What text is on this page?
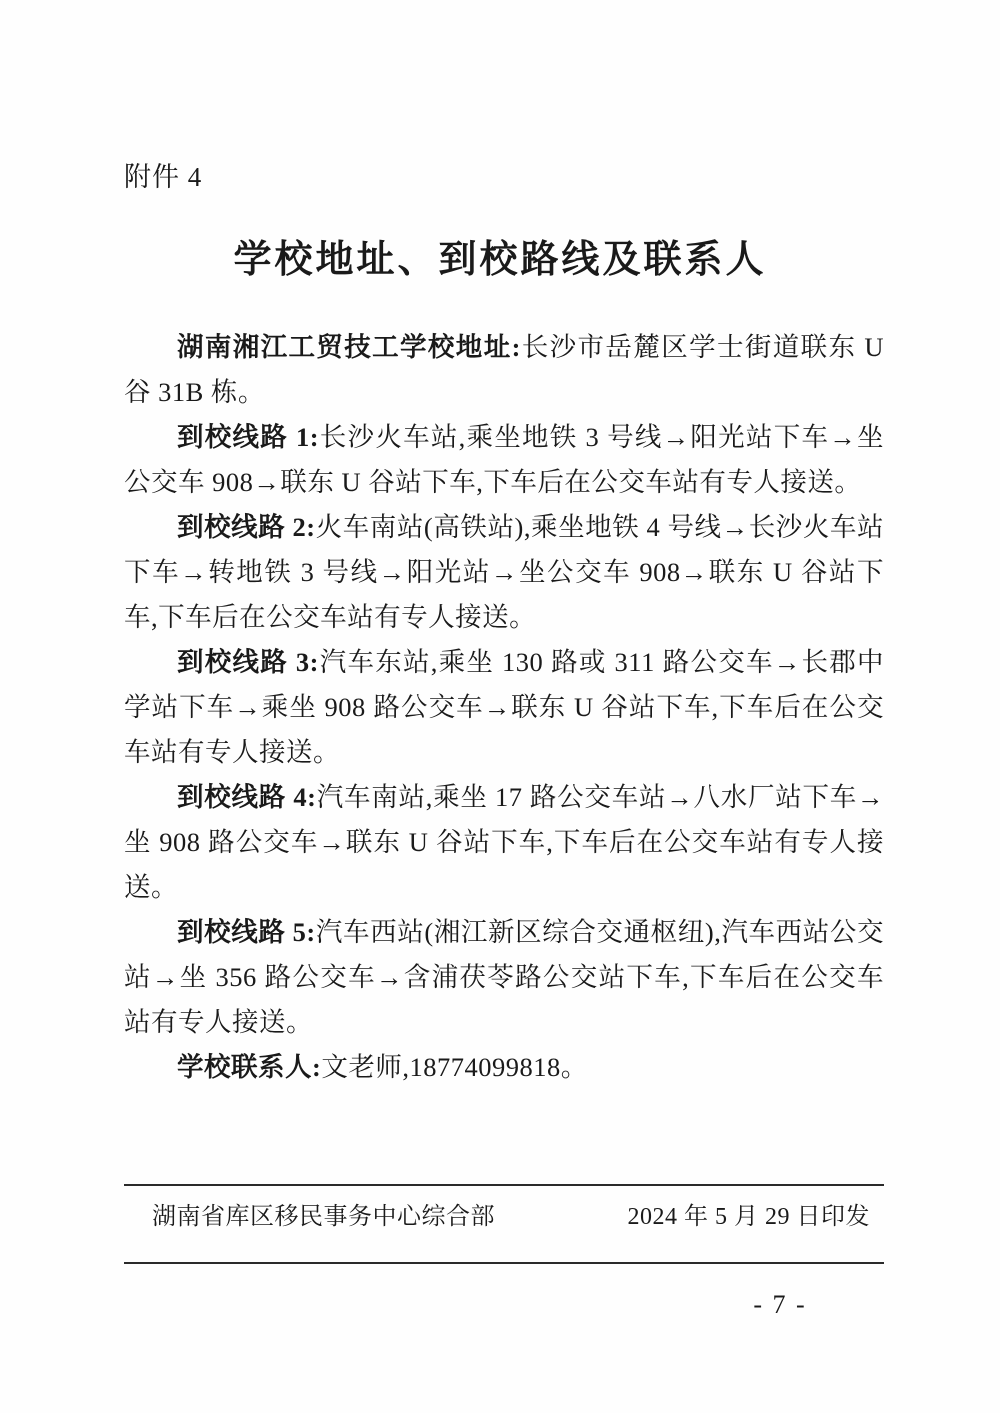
附件 4
学校地址、到校路线及联系人

湖南湘江工贸技工学校地址:长沙市岳麓区学士街道联东 U 谷 31B 栋。

到校线路 1:长沙火车站,乘坐地铁 3 号线→阳光站下车→坐公交车 908→联东 U 谷站下车,下车后在公交车站有专人接送。

到校线路 2:火车南站(高铁站),乘坐地铁 4 号线→长沙火车站下车→转地铁 3 号线→阳光站→坐公交车 908→联东 U 谷站下车,下车后在公交车站有专人接送。

到校线路 3:汽车东站,乘坐 130 路或 311 路公交车→长郡中学站下车→乘坐 908 路公交车→联东 U 谷站下车,下车后在公交车站有专人接送。

到校线路 4:汽车南站,乘坐 17 路公交车站→八水厂站下车→坐 908 路公交车→联东 U 谷站下车,下车后在公交车站有专人接送。

到校线路 5:汽车西站(湘江新区综合交通枢纽),汽车西站公交站→坐 356 路公交车→含浦茯苓路公交站下车,下车后在公交车站有专人接送。

学校联系人:文老师,18774099818。

湖南省库区移民事务中心综合部	2024 年 5 月 29 日印发
- 7 -
